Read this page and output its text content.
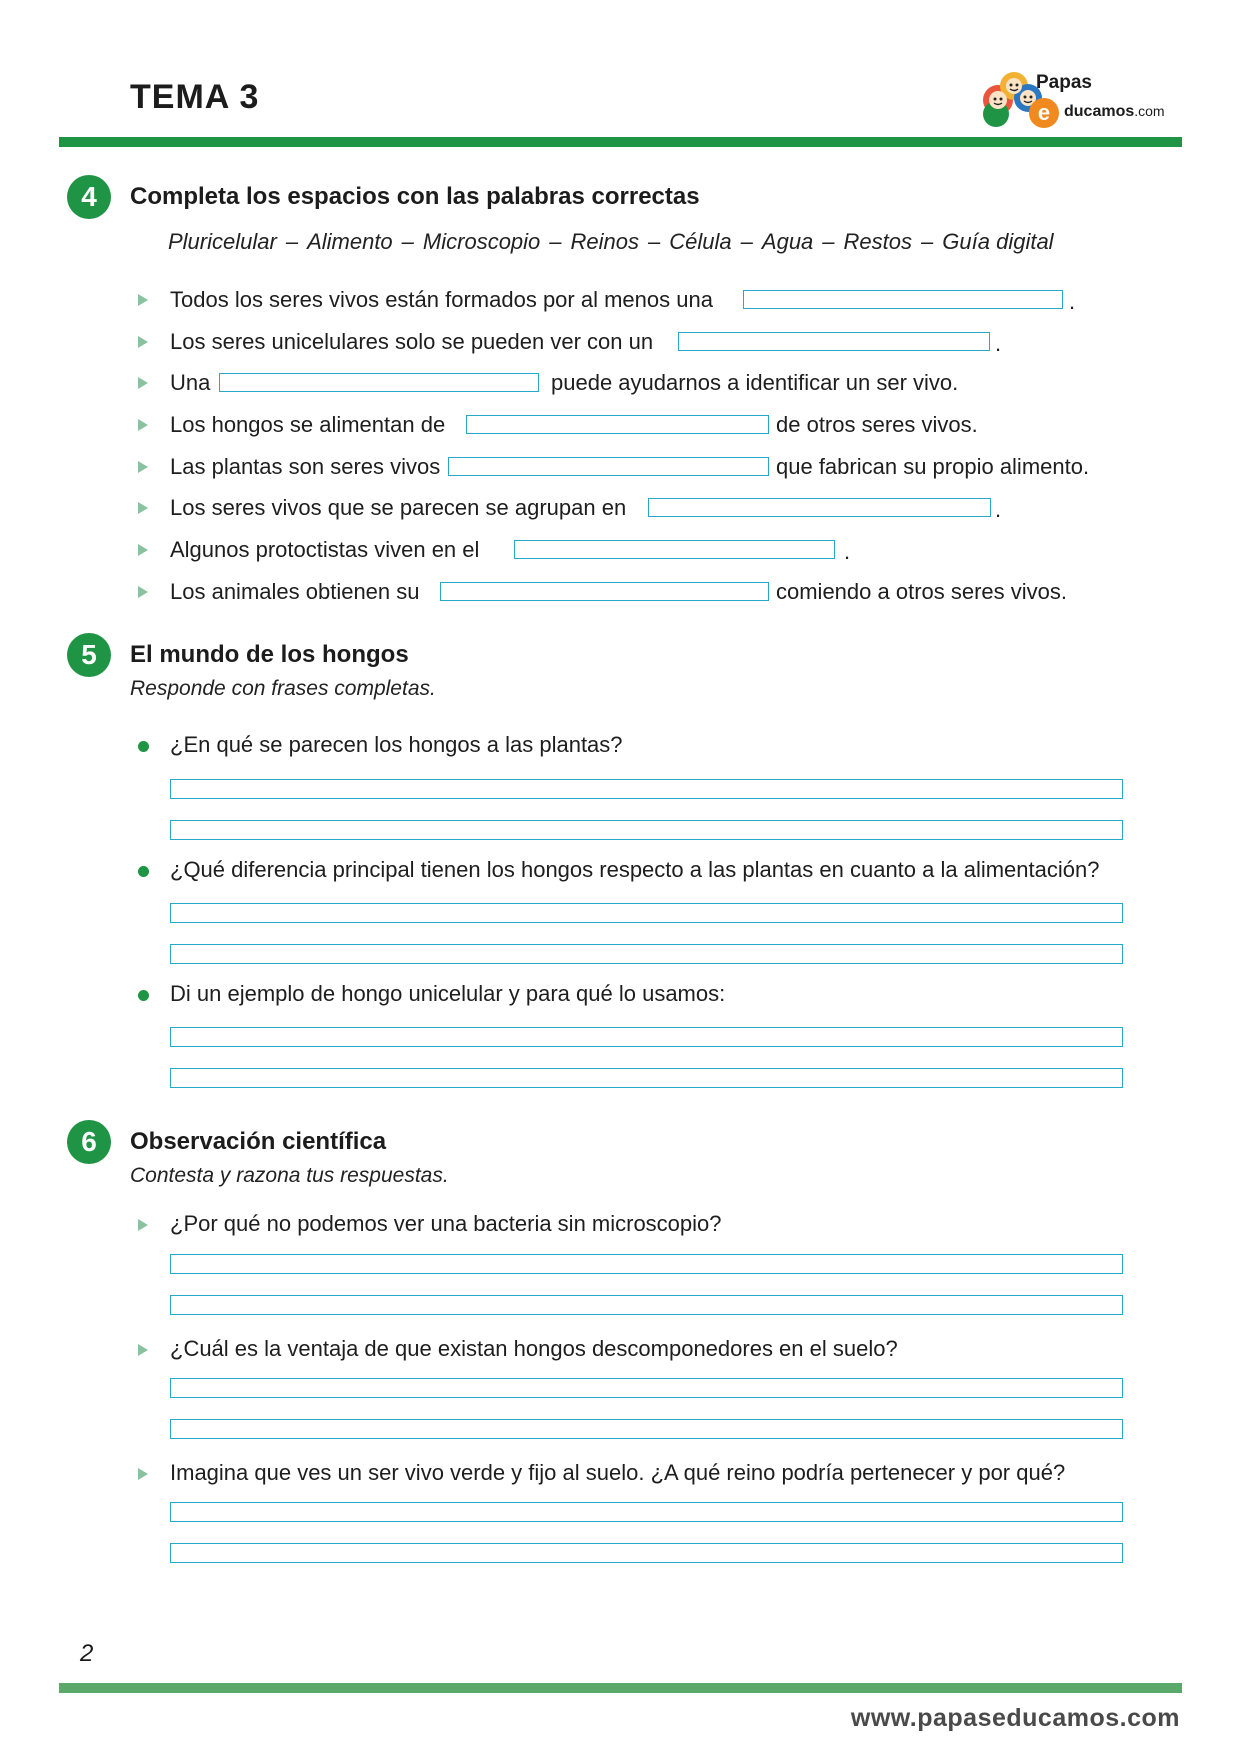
TEMA 3	e
Papas
ducamos.com
4	Completa los espacios con las palabras correctas
Pluricelular – Alimento – Microscopio – Reinos – Célula – Agua – Restos – Guía digital
Todos los seres vivos están formados por al menos una	.
Los seres unicelulares solo se pueden ver con un	.
Una	puede ayudarnos a identificar un ser vivo.
Los hongos se alimentan de	de otros seres vivos.
Las plantas son seres vivos	que fabrican su propio alimento.
Los seres vivos que se parecen se agrupan en	.
Algunos protoctistas viven en el	.
Los animales obtienen su	comiendo a otros seres vivos.
5	El mundo de los hongos
Responde con frases completas.
¿En qué se parecen los hongos a las plantas?
¿Qué diferencia principal tienen los hongos respecto a las plantas en cuanto a la alimentación?
Di un ejemplo de hongo unicelular y para qué lo usamos:
6	Observación científica
Contesta y razona tus respuestas.
¿Por qué no podemos ver una bacteria sin microscopio?
¿Cuál es la ventaja de que existan hongos descomponedores en el suelo?
Imagina que ves un ser vivo verde y fijo al suelo. ¿A qué reino podría pertenecer y por qué?
2
www.papaseducamos.com
